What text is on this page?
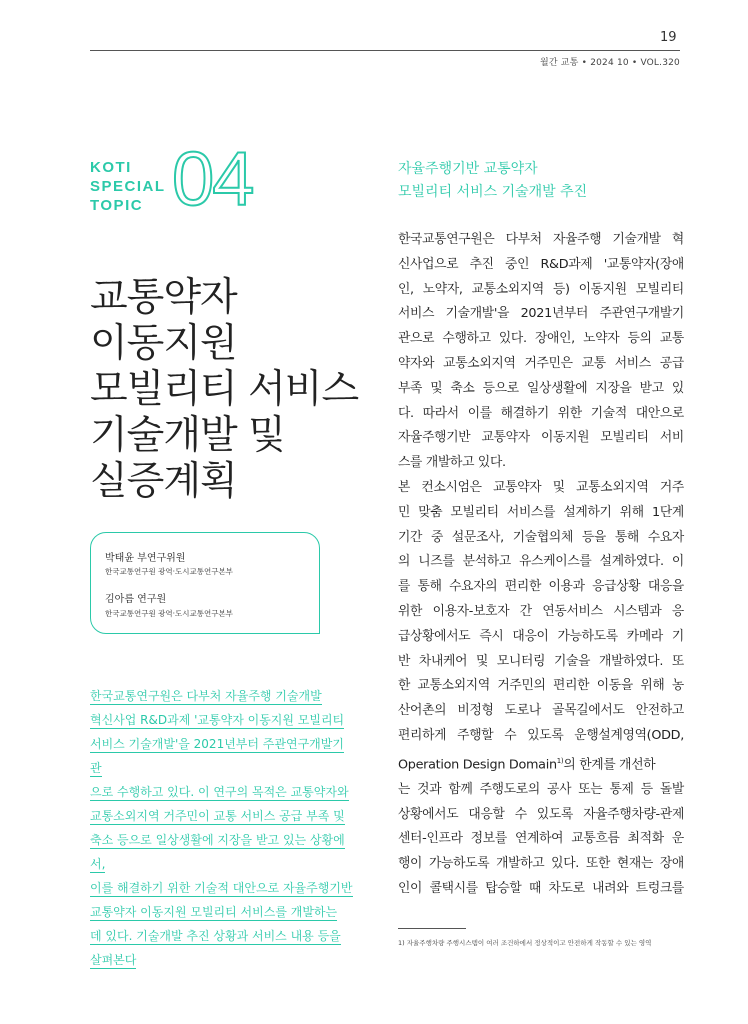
19
월간 교통 • 2024 10 • VOL.320
KOTI
SPECIAL
TOPIC 04
교통약자
이동지원
모빌리티 서비스
기술개발 및
실증계획
박태윤 부연구위원
한국교통연구원 광역·도시교통연구본부
김아름 연구원
한국교통연구원 광역·도시교통연구본부
한국교통연구원은 다부처 자율주행 기술개발
혁신사업 R&D과제 '교통약자 이동지원 모빌리티
서비스 기술개발'을 2021년부터 주관연구개발기관
으로 수행하고 있다. 이 연구의 목적은 교통약자와
교통소외지역 거주민이 교통 서비스 공급 부족 및
축소 등으로 일상생활에 지장을 받고 있는 상황에서,
이를 해결하기 위한 기술적 대안으로 자율주행기반
교통약자 이동지원 모빌리티 서비스를 개발하는
데 있다. 기술개발 추진 상황과 서비스 내용 등을
살펴본다
자율주행기반 교통약자
모빌리티 서비스 기술개발 추진
한국교통연구원은 다부처 자율주행 기술개발 혁
신사업으로 추진 중인 R&D과제 '교통약자(장애
인, 노약자, 교통소외지역 등) 이동지원 모빌리티
서비스 기술개발'을 2021년부터 주관연구개발기
관으로 수행하고 있다. 장애인, 노약자 등의 교통
약자와 교통소외지역 거주민은 교통 서비스 공급
부족 및 축소 등으로 일상생활에 지장을 받고 있
다. 따라서 이를 해결하기 위한 기술적 대안으로
자율주행기반 교통약자 이동지원 모빌리티 서비
스를 개발하고 있다.
본 컨소시엄은 교통약자 및 교통소외지역 거주
민 맞춤 모빌리티 서비스를 설계하기 위해 1단계
기간 중 설문조사, 기술협의체 등을 통해 수요자
의 니즈를 분석하고 유스케이스를 설계하였다. 이
를 통해 수요자의 편리한 이용과 응급상황 대응을
위한 이용자-보호자 간 연동서비스 시스템과 응
급상황에서도 즉시 대응이 가능하도록 카메라 기
반 차내케어 및 모니터링 기술을 개발하였다. 또
한 교통소외지역 거주민의 편리한 이동을 위해 농
산어촌의 비정형 도로나 골목길에서도 안전하고
편리하게 주행할 수 있도록 운행설계영역(ODD,
Operation Design Domain$^{1)}$의 한계를 개선하
는 것과 함께 주행도로의 공사 또는 통제 등 돌발
상황에서도 대응할 수 있도록 자율주행차량-관제
센터-인프라 정보를 연계하여 교통흐름 최적화 운
행이 가능하도록 개발하고 있다. 또한 현재는 장애
인이 콜택시를 탑승할 때 차도로 내려와 트렁크를
1) 자율주행차량 주행시스템이 여러 조건하에서 정상적이고 안전하게 작동할 수 있는 영역
